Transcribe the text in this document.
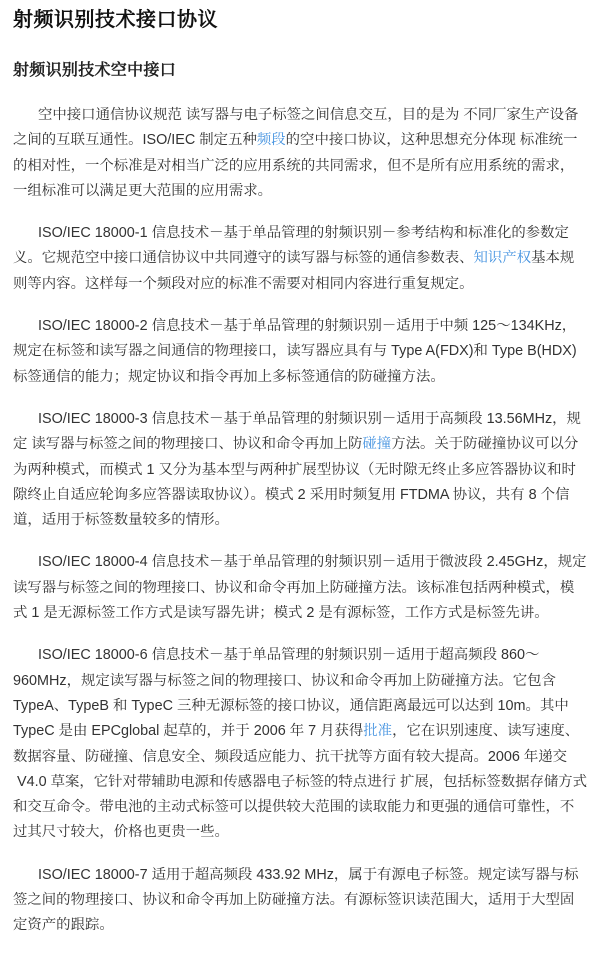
射频识别技术接口协议
射频识别技术空中接口

空中接口通信协议规范 读写器与电子标签之间信息交互，目的是为 不同厂家生产设备之间的互联互通性。ISO/IEC 制定五种频段的空中接口协议，这种思想充分体现 标准统一的相对性，一个标准是对相当广泛的应用系统的共同需求，但不是所有应用系统的需求，一组标准可以满足更大范围的应用需求。

ISO/IEC 18000-1 信息技术－基于单品管理的射频识别－参考结构和标准化的参数定义。它规范空中接口通信协议中共同遵守的读写器与标签的通信参数表、知识产权基本规则等内容。这样每一个频段对应的标准不需要对相同内容进行重复规定。

ISO/IEC 18000-2 信息技术－基于单品管理的射频识别－适用于中频 125～134KHz，规定在标签和读写器之间通信的物理接口，读写器应具有与 Type A(FDX)和 Type B(HDX)标签通信的能力；规定协议和指令再加上多标签通信的防碰撞方法。

ISO/IEC 18000-3 信息技术－基于单品管理的射频识别－适用于高频段 13.56MHz，规定 读写器与标签之间的物理接口、协议和命令再加上防碰撞方法。关于防碰撞协议可以分为两种模式，而模式 1 又分为基本型与两种扩展型协议（无时隙无终止多应答器协议和时隙终止自适应轮询多应答器读取协议）。模式 2 采用时频复用 FTDMA 协议，共有 8 个信道，适用于标签数量较多的情形。

ISO/IEC 18000-4 信息技术－基于单品管理的射频识别－适用于微波段 2.45GHz，规定读写器与标签之间的物理接口、协议和命令再加上防碰撞方法。该标准包括两种模式，模式 1 是无源标签工作方式是读写器先讲；模式 2 是有源标签，工作方式是标签先讲。

ISO/IEC 18000-6 信息技术－基于单品管理的射频识别－适用于超高频段 860～960MHz，规定读写器与标签之间的物理接口、协议和命令再加上防碰撞方法。它包含 TypeA、TypeB 和 TypeC 三种无源标签的接口协议，通信距离最远可以达到 10m。其中 TypeC 是由 EPCglobal 起草的，并于 2006 年 7 月获得批准，它在识别速度、读写速度、数据容量、防碰撞、信息安全、频段适应能力、抗干扰等方面有较大提高。2006 年递交  V4.0 草案，它针对带辅助电源和传感器电子标签的特点进行 扩展，包括标签数据存储方式和交互命令。带电池的主动式标签可以提供较大范围的读取能力和更强的通信可靠性，不过其尺寸较大，价格也更贵一些。

ISO/IEC 18000-7 适用于超高频段 433.92 MHz，属于有源电子标签。规定读写器与标签之间的物理接口、协议和命令再加上防碰撞方法。有源标签识读范围大，适用于大型固定资产的跟踪。
